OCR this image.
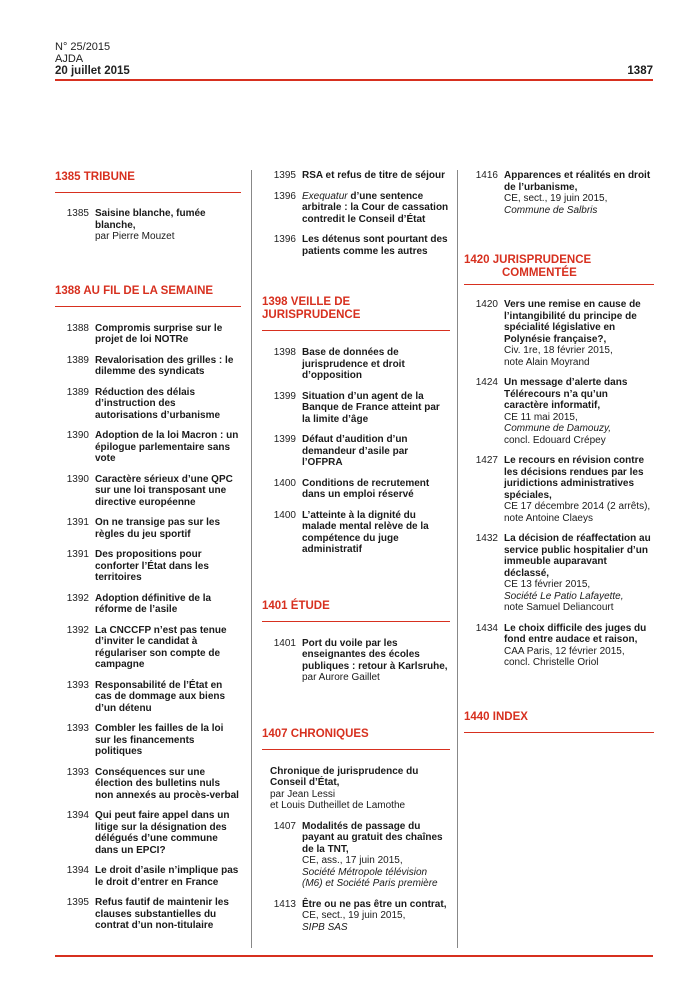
N° 25/2015
AJDA
20 juillet 2015	1387
1385 TRIBUNE
1385 Saisine blanche, fumée blanche,
par Pierre Mouzet
1388 AU FIL DE LA SEMAINE
1388 Compromis surprise sur le projet de loi NOTRe
1389 Revalorisation des grilles : le dilemme des syndicats
1389 Réduction des délais d’instruction des autorisations d’urbanisme
1390 Adoption de la loi Macron : un épilogue parlementaire sans vote
1390 Caractère sérieux d’une QPC sur une loi transposant une directive européenne
1391 On ne transige pas sur les règles du jeu sportif
1391 Des propositions pour conforter l’État dans les territoires
1392 Adoption définitive de la réforme de l’asile
1392 La CNCCFP n’est pas tenue d’inviter le candidat à régulariser son compte de campagne
1393 Responsabilité de l’État en cas de dommage aux biens d’un détenu
1393 Combler les failles de la loi sur les financements politiques
1393 Conséquences sur une élection des bulletins nuls non annexés au procès-verbal
1394 Qui peut faire appel dans un litige sur la désignation des délégués d’une commune dans un EPCI?
1394 Le droit d’asile n’implique pas le droit d’entrer en France
1395 Refus fautif de maintenir les clauses substantielles du contrat d’un non-titulaire
1395 RSA et refus de titre de séjour
1396 Exequatur d’une sentence arbitrale : la Cour de cassation contredit le Conseil d’État
1396 Les détenus sont pourtant des patients comme les autres
1398 VEILLE DE JURISPRUDENCE
1398 Base de données de jurisprudence et droit d’opposition
1399 Situation d’un agent de la Banque de France atteint par la limite d’âge
1399 Défaut d’audition d’un demandeur d’asile par l’OFPRA
1400 Conditions de recrutement dans un emploi réservé
1400 L’atteinte à la dignité du malade mental relève de la compétence du juge administratif
1401 ÉTUDE
1401 Port du voile par les enseignantes des écoles publiques : retour à Karlsruhe,
par Aurore Gaillet
1407 CHRONIQUES
Chronique de jurisprudence du Conseil d’État,
par Jean Lessi
et Louis Dutheillet de Lamothe
1407 Modalités de passage du payant au gratuit des chaînes de la TNT,
CE, ass., 17 juin 2015,
Société Métropole télévision (M6) et Société Paris première
1413 Être ou ne pas être un contrat,
CE, sect., 19 juin 2015,
SIPB SAS
1416 Apparences et réalités en droit de l’urbanisme,
CE, sect., 19 juin 2015,
Commune de Salbris
1420 JURISPRUDENCE
COMMENTÉE
1420 Vers une remise en cause de l’intangibilité du principe de spécialité législative en Polynésie française?,
Civ. 1re, 18 février 2015,
note Alain Moyrand
1424 Un message d’alerte dans Télérecours n’a qu’un caractère informatif,
CE 11 mai 2015,
Commune de Damouzy,
concl. Edouard Crépey
1427 Le recours en révision contre les décisions rendues par les juridictions administratives spéciales,
CE 17 décembre 2014 (2 arrêts),
note Antoine Claeys
1432 La décision de réaffectation au service public hospitalier d’un immeuble auparavant déclassé,
CE 13 février 2015,
Société Le Patio Lafayette,
note Samuel Deliancourt
1434 Le choix difficile des juges du fond entre audace et raison,
CAA Paris, 12 février 2015,
concl. Christelle Oriol
1440 INDEX
